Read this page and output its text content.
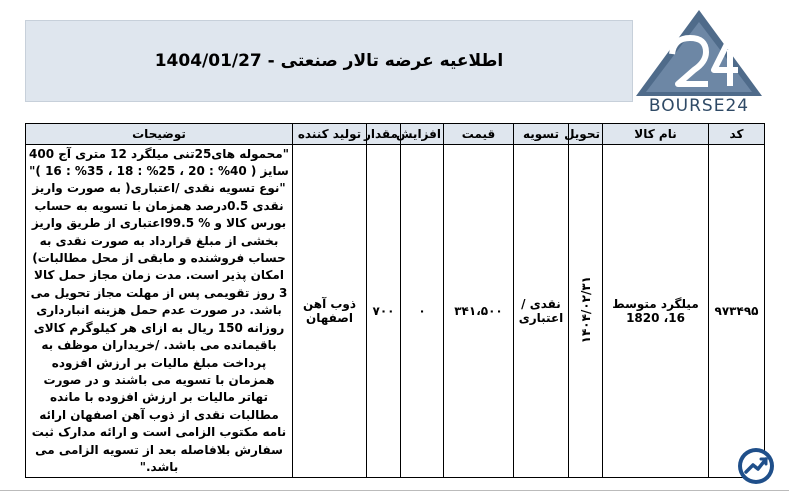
اطلاعیه عرضه تالار صنعتی - 1404/01/27
BOURSE24
کد	نام کالا	تحویل	تسویه	قیمت	افزایش	مقدار	تولید کننده	توضیحات
۹۷۳۴۹۵	میلگرد متوسط 16، 1820	۱۴۰۴/۰۲/۳۱	نقدی / اعتباری	۳۴۱،۵۰۰	۰	۷۰۰	ذوب آهن اصفهان	"محموله های25تنی میلگرد 12 متری آج 400 سایز ( 40% : 20 ، 25% : 18 ، 35% : 16 )" "نوع تسویه نقدی /اعتباری( به صورت واریز نقدی 0.5درصد همزمان با تسویه به حساب بورس کالا و % 99.5اعتباری از طریق واریز بخشی از مبلغ قرارداد به صورت نقدی به حساب فروشنده و مابقی از محل مطالبات) امکان پذیر است. مدت زمان مجاز حمل کالا 3 روز تقویمی پس از مهلت مجاز تحویل می باشد. در صورت عدم حمل هزینه انبارداری روزانه 150 ریال به ازای هر کیلوگرم کالای باقیمانده می باشد. /خریداران موظف به پرداخت مبلغ مالیات بر ارزش افزوده همزمان با تسویه می باشند و در صورت تهاتر مالیات بر ارزش افزوده با مانده مطالبات نقدی از ذوب آهن اصفهان ارائه نامه مکتوب الزامی است و ارائه مدارک ثبت سفارش بلافاصله بعد از تسویه الزامی می باشد."
